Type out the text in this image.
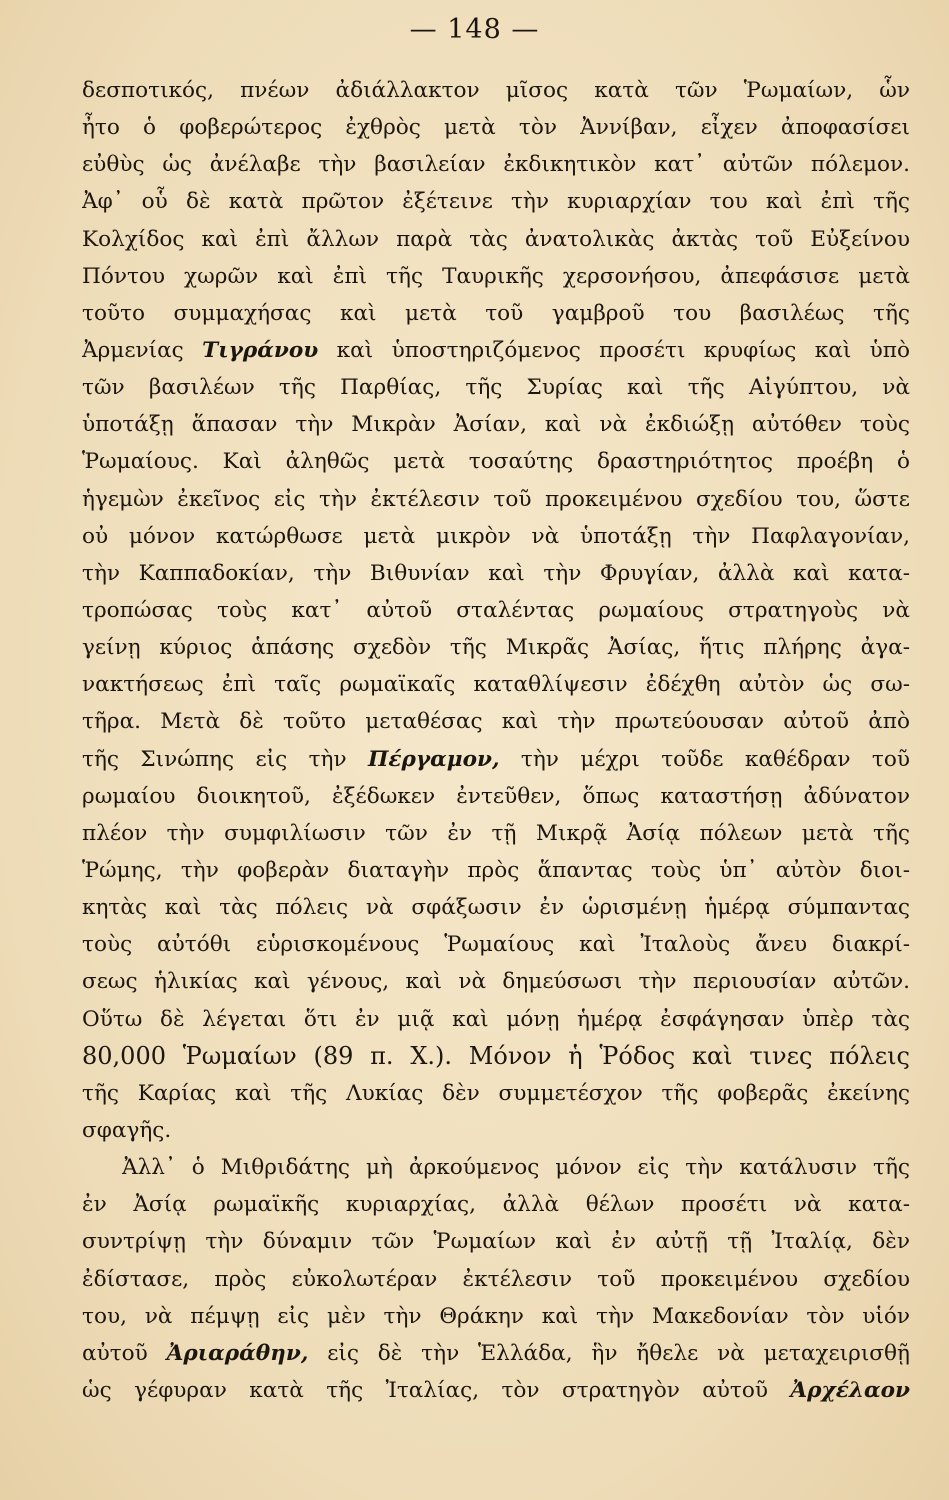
— 148 —
δεσποτικός, πνέων ἀδιάλλακτον μῖσος κατὰ τῶν Ῥωμαίων, ὧν
ἦτο ὁ φοβερώτερος ἐχθρὸς μετὰ τὸν Ἀννίβαν, εἶχεν ἀποφασίσει
εὐθὺς ὡς ἀνέλαβε τὴν βασιλείαν ἐκδικητικὸν κατ᾽ αὐτῶν πόλεμον.
Ἀφ᾽ οὗ δὲ κατὰ πρῶτον ἐξέτεινε τὴν κυριαρχίαν του καὶ ἐπὶ τῆς
Κολχίδος καὶ ἐπὶ ἄλλων παρὰ τὰς ἀνατολικὰς ἀκτὰς τοῦ Εὐξείνου
Πόντου χωρῶν καὶ ἐπὶ τῆς Ταυρικῆς χερσονήσου, ἀπεφάσισε μετὰ
τοῦτο συμμαχήσας καὶ μετὰ τοῦ γαμβροῦ του βασιλέως τῆς
Ἀρμενίας Τιγράνου καὶ ὑποστηριζόμενος προσέτι κρυφίως καὶ ὑπὸ
τῶν βασιλέων τῆς Παρθίας, τῆς Συρίας καὶ τῆς Αἰγύπτου, νὰ
ὑποτάξῃ ἅπασαν τὴν Μικρὰν Ἀσίαν, καὶ νὰ ἐκδιώξῃ αὐτόθεν τοὺς
Ῥωμαίους. Καὶ ἀληθῶς μετὰ τοσαύτης δραστηριότητος προέβη ὁ
ἡγεμὼν ἐκεῖνος εἰς τὴν ἐκτέλεσιν τοῦ προκειμένου σχεδίου του, ὥστε
οὐ μόνον κατώρθωσε μετὰ μικρὸν νὰ ὑποτάξῃ τὴν Παφλαγονίαν,
τὴν Καππαδοκίαν, τὴν Βιθυνίαν καὶ τὴν Φρυγίαν, ἀλλὰ καὶ κατα-
τροπώσας τοὺς κατ᾽ αὐτοῦ σταλέντας ρωμαίους στρατηγοὺς νὰ
γείνῃ κύριος ἁπάσης σχεδὸν τῆς Μικρᾶς Ἀσίας, ἥτις πλήρης ἀγα-
νακτήσεως ἐπὶ ταῖς ρωμαϊκαῖς καταθλίψεσιν ἐδέχθη αὐτὸν ὡς σω-
τῆρα. Μετὰ δὲ τοῦτο μεταθέσας καὶ τὴν πρωτεύουσαν αὐτοῦ ἀπὸ
τῆς Σινώπης εἰς τὴν Πέργαμον, τὴν μέχρι τοῦδε καθέδραν τοῦ
ρωμαίου διοικητοῦ, ἐξέδωκεν ἐντεῦθεν, ὅπως καταστήσῃ ἀδύνατον
πλέον τὴν συμφιλίωσιν τῶν ἐν τῇ Μικρᾷ Ἀσίᾳ πόλεων μετὰ τῆς
Ῥώμης, τὴν φοβερὰν διαταγὴν πρὸς ἅπαντας τοὺς ὑπ᾽ αὐτὸν διοι-
κητὰς καὶ τὰς πόλεις νὰ σφάξωσιν ἐν ὡρισμένῃ ἡμέρᾳ σύμπαντας
τοὺς αὐτόθι εὑρισκομένους Ῥωμαίους καὶ Ἰταλοὺς ἄνευ διακρί-
σεως ἡλικίας καὶ γένους, καὶ νὰ δημεύσωσι τὴν περιουσίαν αὐτῶν.
Οὕτω δὲ λέγεται ὅτι ἐν μιᾷ καὶ μόνῃ ἡμέρᾳ ἐσφάγησαν ὑπὲρ τὰς
80,000 Ῥωμαίων (89 π. Χ.). Μόνον ἡ Ῥόδος καὶ τινες πόλεις
τῆς Καρίας καὶ τῆς Λυκίας δὲν συμμετέσχον τῆς φοβερᾶς ἐκείνης
σφαγῆς.
Ἀλλ᾽ ὁ Μιθριδάτης μὴ ἀρκούμενος μόνον εἰς τὴν κατάλυσιν τῆς
ἐν Ἀσίᾳ ρωμαϊκῆς κυριαρχίας, ἀλλὰ θέλων προσέτι νὰ κατα-
συντρίψῃ τὴν δύναμιν τῶν Ῥωμαίων καὶ ἐν αὐτῇ τῇ Ἰταλίᾳ, δὲν
ἐδίστασε, πρὸς εὐκολωτέραν ἐκτέλεσιν τοῦ προκειμένου σχεδίου
του, νὰ πέμψῃ εἰς μὲν τὴν Θράκην καὶ τὴν Μακεδονίαν τὸν υἱόν
αὐτοῦ Ἀριαράθην, εἰς δὲ τὴν Ἑλλάδα, ἣν ἤθελε νὰ μεταχειρισθῇ
ὡς γέφυραν κατὰ τῆς Ἰταλίας, τὸν στρατηγὸν αὐτοῦ Ἀρχέλαον
